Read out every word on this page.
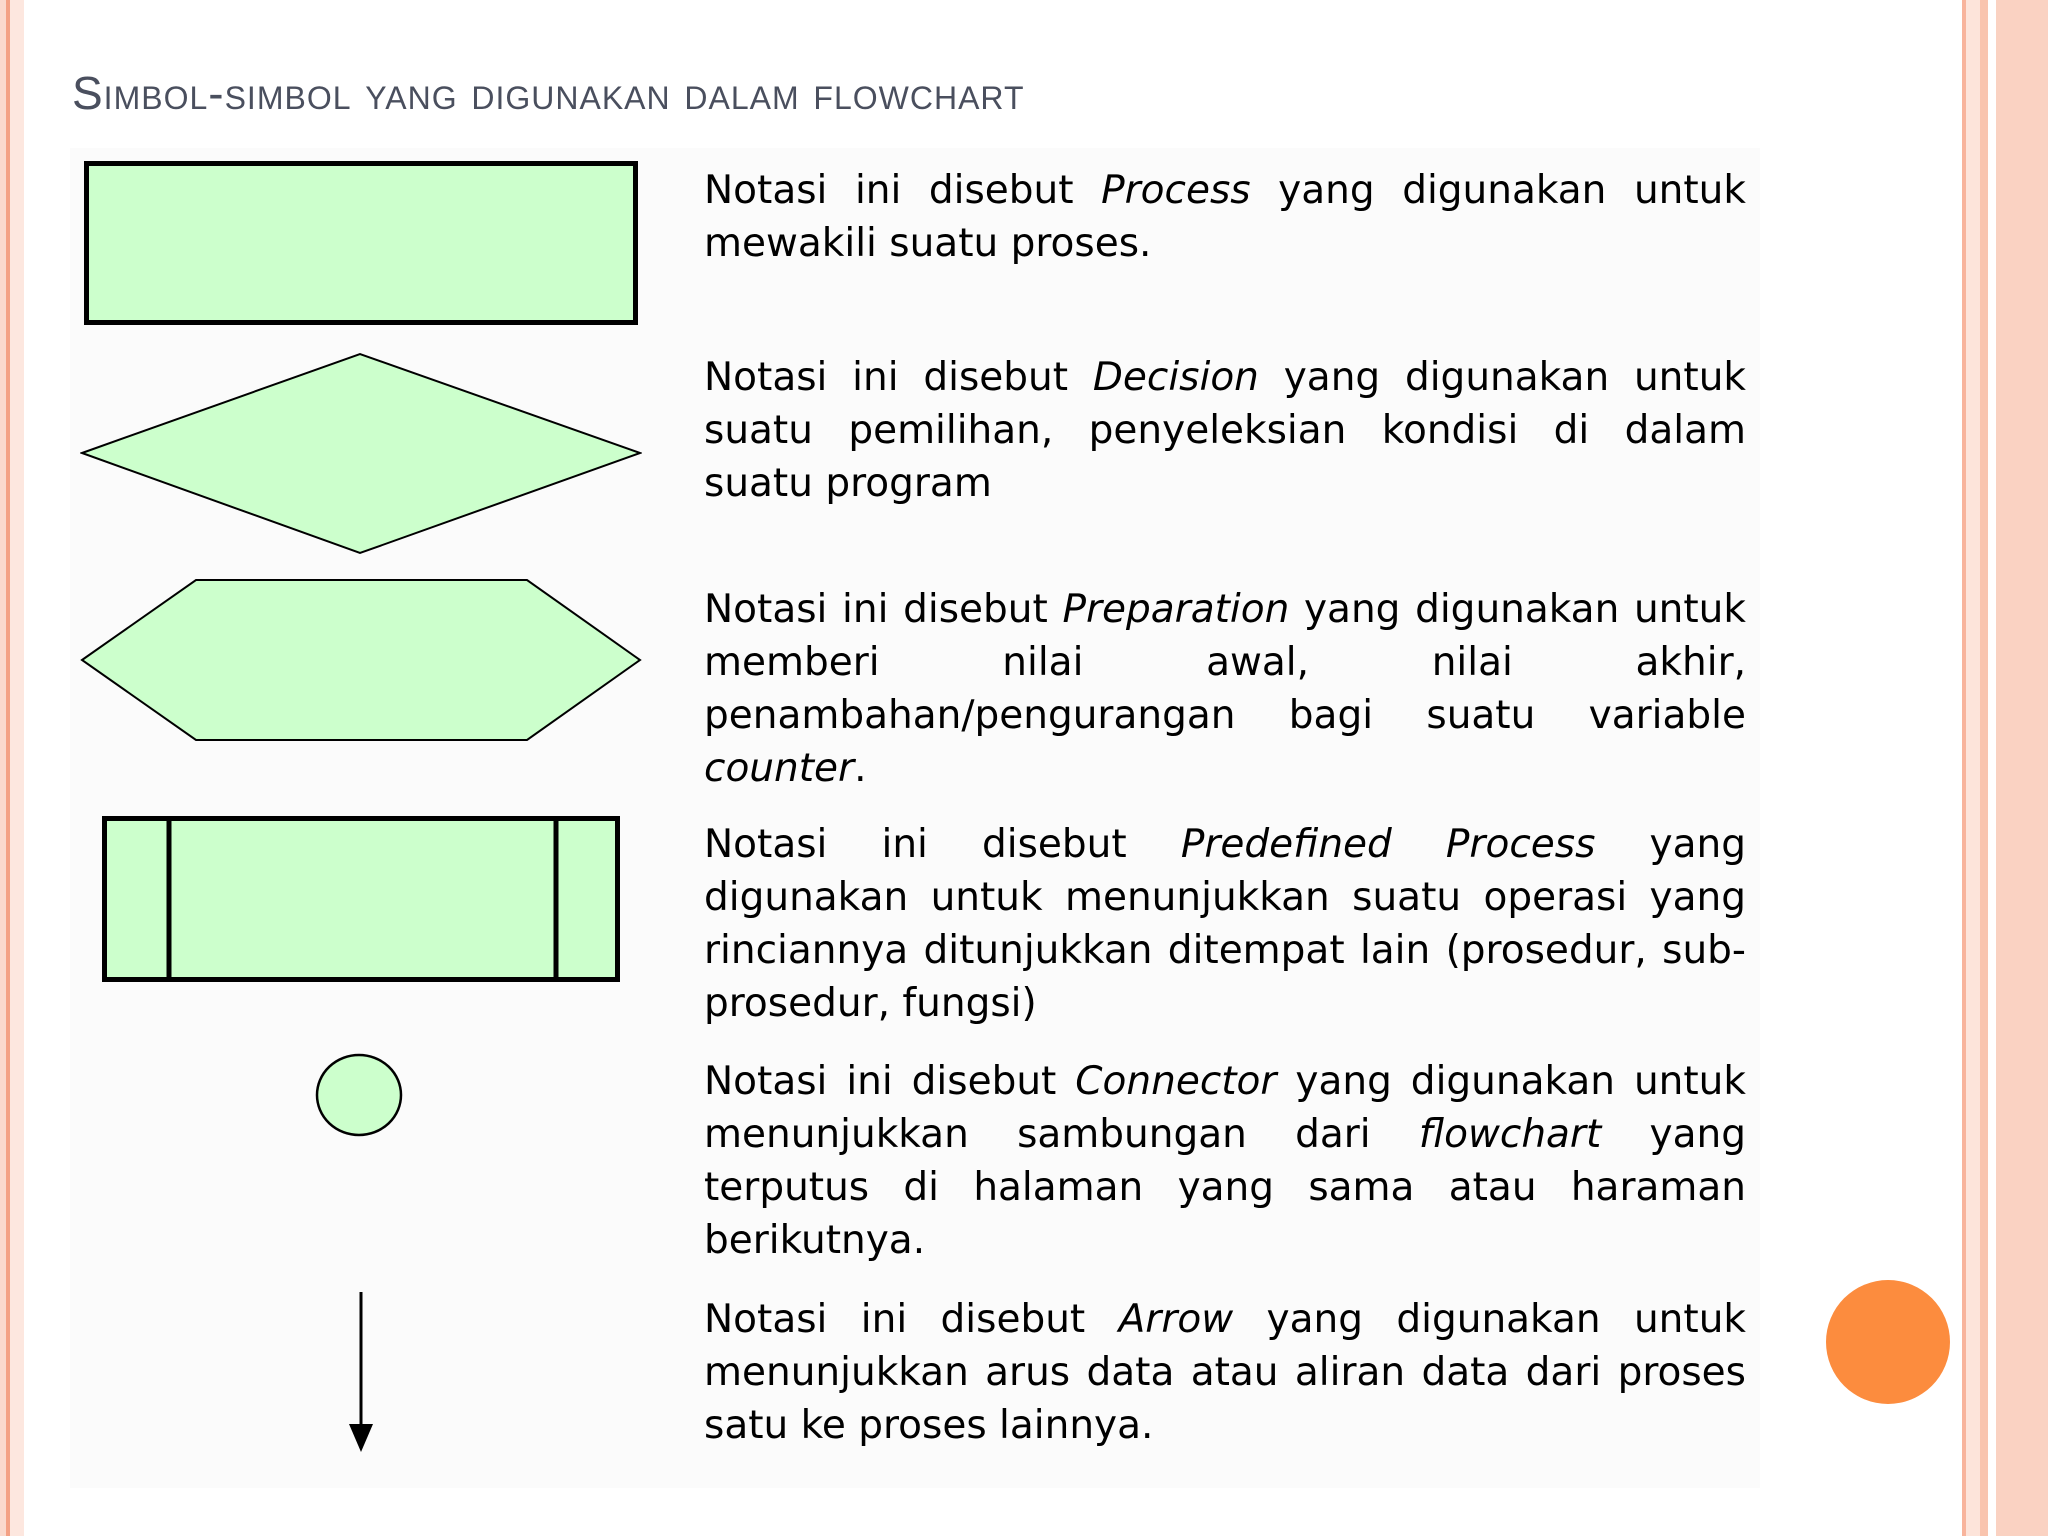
Simbol-simbol yang digunakan dalam flowchart

Notasi ini disebut Process yang digunakan untuk mewakili suatu proses.

Notasi ini disebut Decision yang digunakan untuk suatu pemilihan, penyeleksian kondisi di dalam suatu program

Notasi ini disebut Preparation yang digunakan untuk memberi nilai awal, nilai akhir, penambahan/pengurangan bagi suatu variable counter.

Notasi ini disebut Predefined Process yang digunakan untuk menunjukkan suatu operasi yang rinciannya ditunjukkan ditempat lain (prosedur, sub-prosedur, fungsi)

Notasi ini disebut Connector yang digunakan untuk menunjukkan sambungan dari flowchart yang terputus di halaman yang sama atau haraman berikutnya.

Notasi ini disebut Arrow yang digunakan untuk menunjukkan arus data atau aliran data dari proses satu ke proses lainnya.
